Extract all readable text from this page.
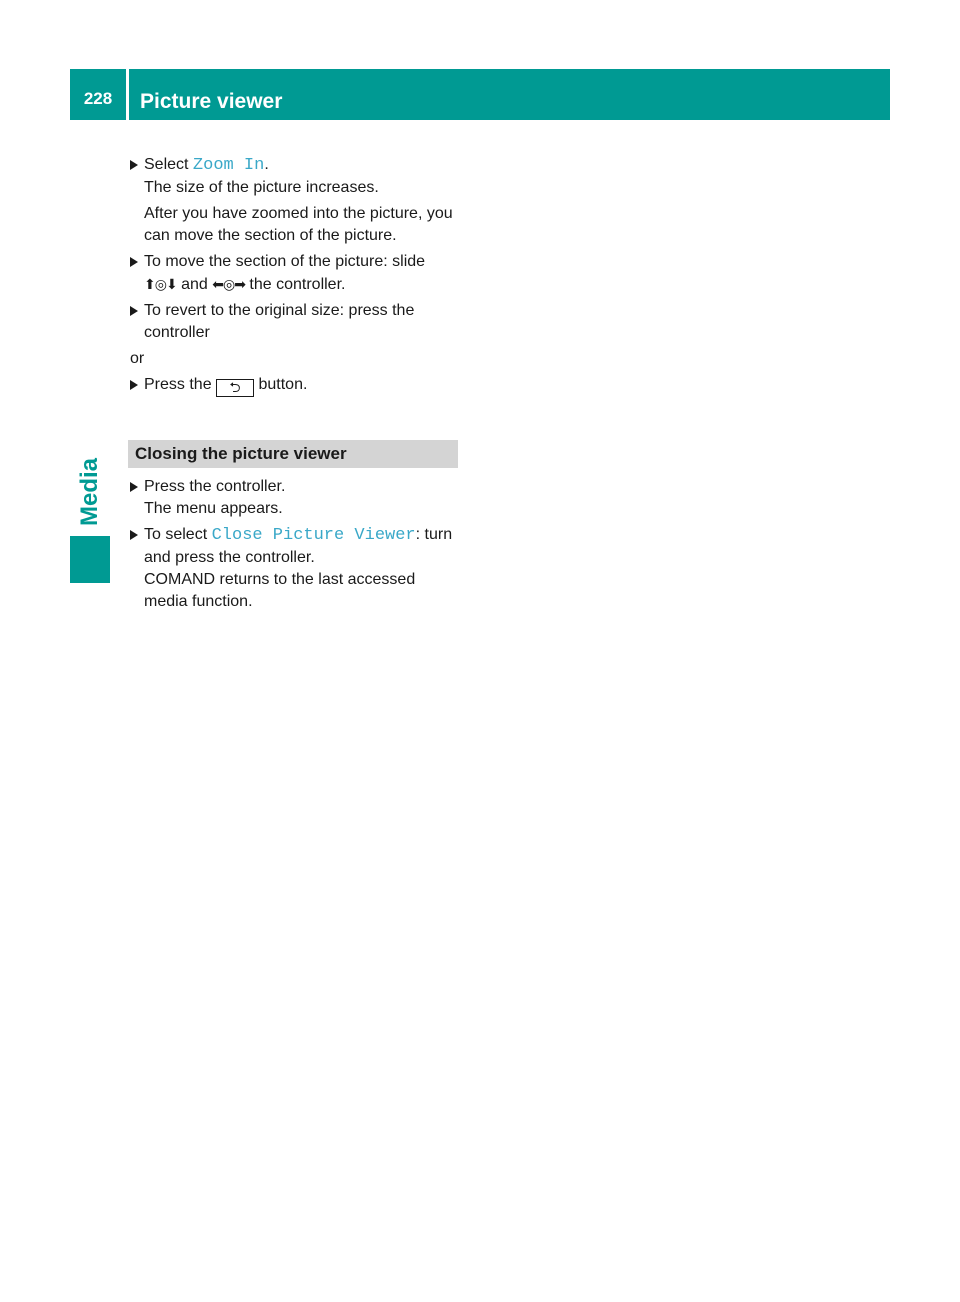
228	Picture viewer
Media
Select Zoom In.
The size of the picture increases.
After you have zoomed into the picture, you can move the section of the picture.
To move the section of the picture: slide
⬆◎⬇ and ⬅◎➡ the controller.
To revert to the original size: press the controller
or
Press the ⮌ button.
Closing the picture viewer
Press the controller.
The menu appears.
To select Close Picture Viewer: turn and press the controller.
COMAND returns to the last accessed media function.
